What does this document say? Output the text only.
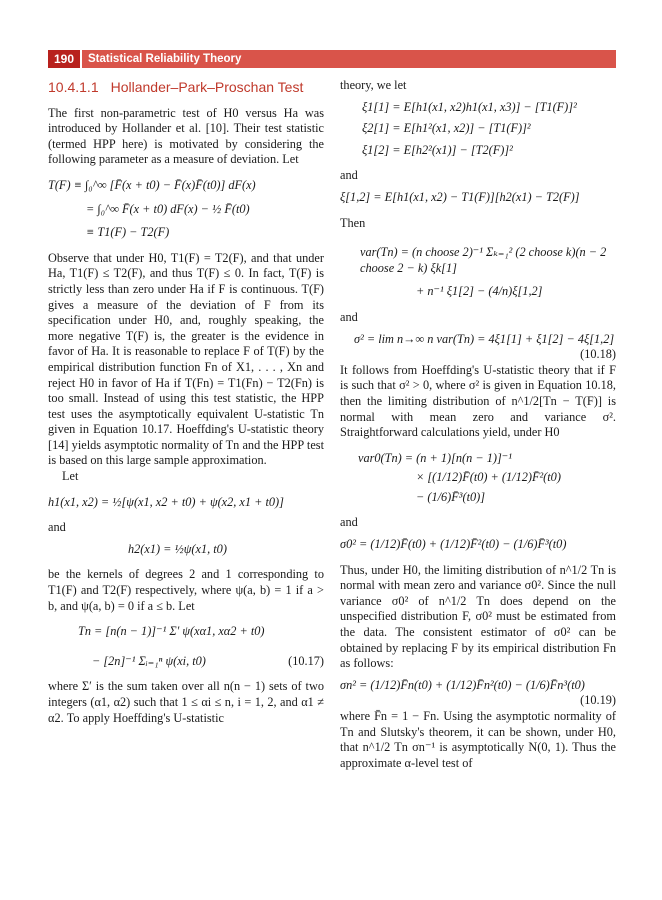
190	Statistical Reliability Theory
10.4.1.1 Hollander–Park–Proschan Test

The first non-parametric test of H0 versus Ha was introduced by Hollander et al. [10]. Their test statistic (termed HPP here) is motivated by considering the following parameter as a measure of deviation. Let

T(F) ≡ ∫₀^∞ [F̄(x + t0) − F̄(x)F̄(t0)] dF(x)
= ∫₀^∞ F̄(x + t0) dF(x) − ½ F̄(t0)
≡ T1(F) − T2(F)

Observe that under H0, T1(F) = T2(F), and that under Ha, T1(F) ≤ T2(F), and thus T(F) ≤ 0. In fact, T(F) is strictly less than zero under Ha if F is continuous. T(F) gives a measure of the deviation of F from its specification under H0, and, roughly speaking, the more negative T(F) is, the greater is the evidence in favor of Ha. It is reasonable to replace F of T(F) by the empirical distribution function Fn of X1, . . . , Xn and reject H0 in favor of Ha if T(Fn) = T1(Fn) − T2(Fn) is too small. Instead of using this test statistic, the HPP test uses the asymptotically equivalent U-statistic Tn given in Equation 10.17. Hoeffding's U-statistic theory [14] yields asymptotic normality of Tn and the HPP test is based on this large sample approximation.

Let

h1(x1, x2) = ½[ψ(x1, x2 + t0) + ψ(x2, x1 + t0)]

and

h2(x1) = ½ψ(x1, t0)

be the kernels of degrees 2 and 1 corresponding to T1(F) and T2(F) respectively, where ψ(a, b) = 1 if a > b, and ψ(a, b) = 0 if a ≤ b. Let

Tn = [n(n − 1)]⁻¹ Σ′ ψ(xα1, xα2 + t0)
− [2n]⁻¹ Σᵢ₌₁ⁿ ψ(xi, t0)	(10.17)

where Σ′ is the sum taken over all n(n − 1) sets of two integers (α1, α2) such that 1 ≤ αi ≤ n, i = 1, 2, and α1 ≠ α2. To apply Hoeffding's U-statistic

theory, we let

ξ1[1] = E[h1(x1, x2)h1(x1, x3)] − [T1(F)]²
ξ2[1] = E[h1²(x1, x2)] − [T1(F)]²
ξ1[2] = E[h2²(x1)] − [T2(F)]²

and

ξ[1,2] = E[h1(x1, x2) − T1(F)][h2(x1) − T2(F)]

Then

var(Tn) = (n choose 2)⁻¹ Σₖ₌₁² (2 choose k)(n − 2 choose 2 − k) ξk[1]
+ n⁻¹ ξ1[2] − (4/n)ξ[1,2]

and

σ² = lim n→∞ n var(Tn) = 4ξ1[1] + ξ1[2] − 4ξ[1,2]
(10.18)

It follows from Hoeffding's U-statistic theory that if F is such that σ² > 0, where σ² is given in Equation 10.18, then the limiting distribution of n^1/2[Tn − T(F)] is normal with mean zero and variance σ². Straightforward calculations yield, under H0

var0(Tn) = (n + 1)[n(n − 1)]⁻¹
× [(1/12)F̄(t0) + (1/12)F̄²(t0)
− (1/6)F̄³(t0)]

and

σ0² = (1/12)F̄(t0) + (1/12)F̄²(t0) − (1/6)F̄³(t0)

Thus, under H0, the limiting distribution of n^1/2 Tn is normal with mean zero and variance σ0². Since the null variance σ0² of n^1/2 Tn does depend on the unspecified distribution F, σ0² must be estimated from the data. The consistent estimator of σ0² can be obtained by replacing F by its empirical distribution Fn as follows:

σn² = (1/12)F̄n(t0) + (1/12)F̄n²(t0) − (1/6)F̄n³(t0)
(10.19)

where F̄n = 1 − Fn. Using the asymptotic normality of Tn and Slutsky's theorem, it can be shown, under H0, that n^1/2 Tn σn⁻¹ is asymptotically N(0, 1). Thus the approximate α-level test of
